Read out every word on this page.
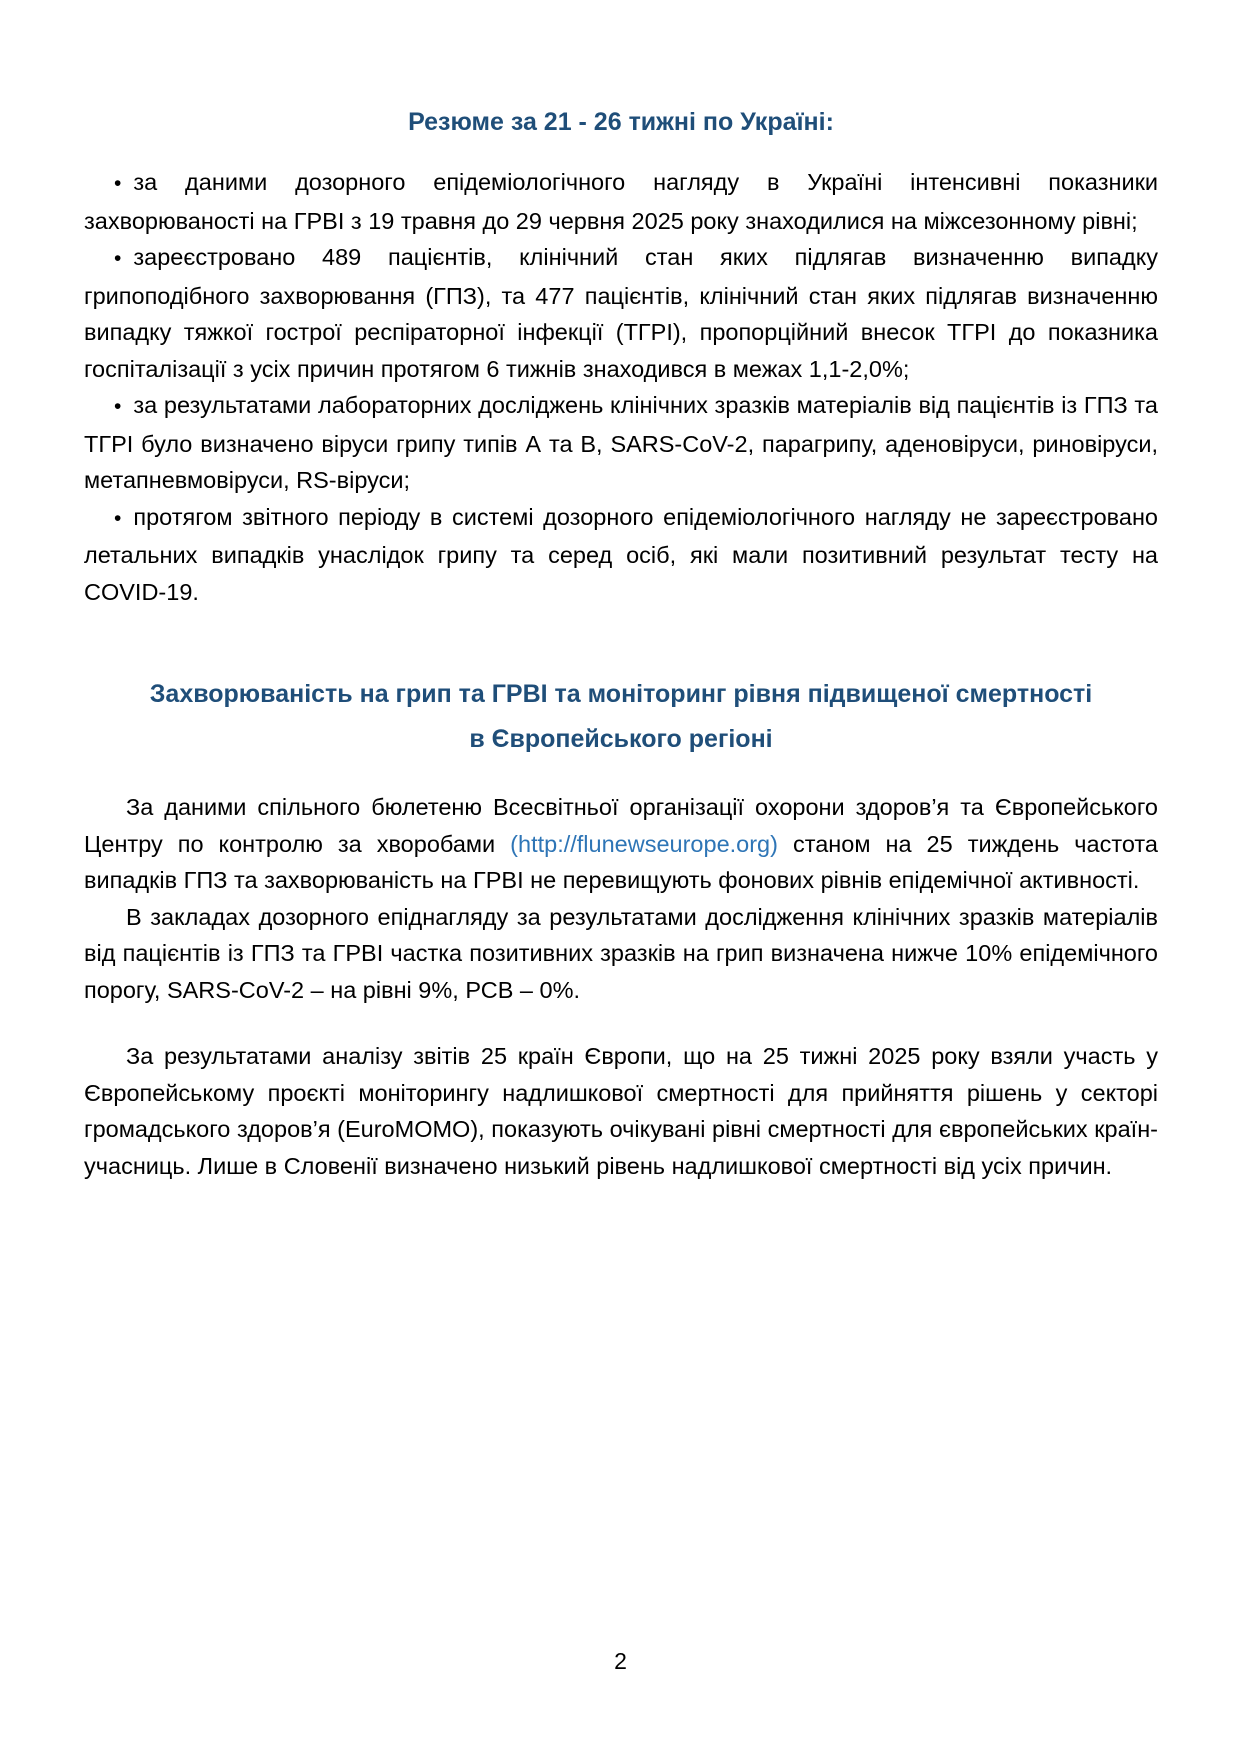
Резюме за 21 - 26 тижні по Україні:

• за даними дозорного епідеміологічного нагляду в Україні інтенсивні показники захворюваності на ГРВІ з 19 травня до 29 червня 2025 року знаходилися на міжсезонному рівні;

• зареєстровано 489 пацієнтів, клінічний стан яких підлягав визначенню випадку грипоподібного захворювання (ГПЗ), та 477 пацієнтів, клінічний стан яких підлягав визначенню випадку тяжкої гострої респіраторної інфекції (ТГРІ), пропорційний внесок ТГРІ до показника госпіталізації з усіх причин протягом 6 тижнів знаходився в межах 1,1-2,0%;

• за результатами лабораторних досліджень клінічних зразків матеріалів від пацієнтів із ГПЗ та ТГРІ було визначено віруси грипу типів А та В, SARS-CoV-2, парагрипу, аденовіруси, риновіруси, метапневмовіруси, RS-віруси;

• протягом звітного періоду в системі дозорного епідеміологічного нагляду не зареєстровано летальних випадків унаслідок грипу та серед осіб, які мали позитивний результат тесту на COVID-19.

Захворюваність на грип та ГРВІ та моніторинг рівня підвищеної смертності
в Європейського регіоні

За даними спільного бюлетеню Всесвітньої організації охорони здоров’я та Європейського Центру по контролю за хворобами (http://flunewseurope.org) станом на 25 тиждень частота випадків ГПЗ та захворюваність на ГРВІ не перевищують фонових рівнів епідемічної активності.

В закладах дозорного епіднагляду за результатами дослідження клінічних зразків матеріалів від пацієнтів із ГПЗ та ГРВІ частка позитивних зразків на грип визначена нижче 10% епідемічного порогу, SARS-CoV-2 – на рівні 9%, РСВ – 0%.

За результатами аналізу звітів 25 країн Європи, що на 25 тижні 2025 року взяли участь у Європейському проєкті моніторингу надлишкової смертності для прийняття рішень у секторі громадського здоров’я (EuroMOMO), показують очікувані рівні смертності для європейських країн-учасниць. Лише в Словенії визначено низький рівень надлишкової смертності від усіх причин.

2
